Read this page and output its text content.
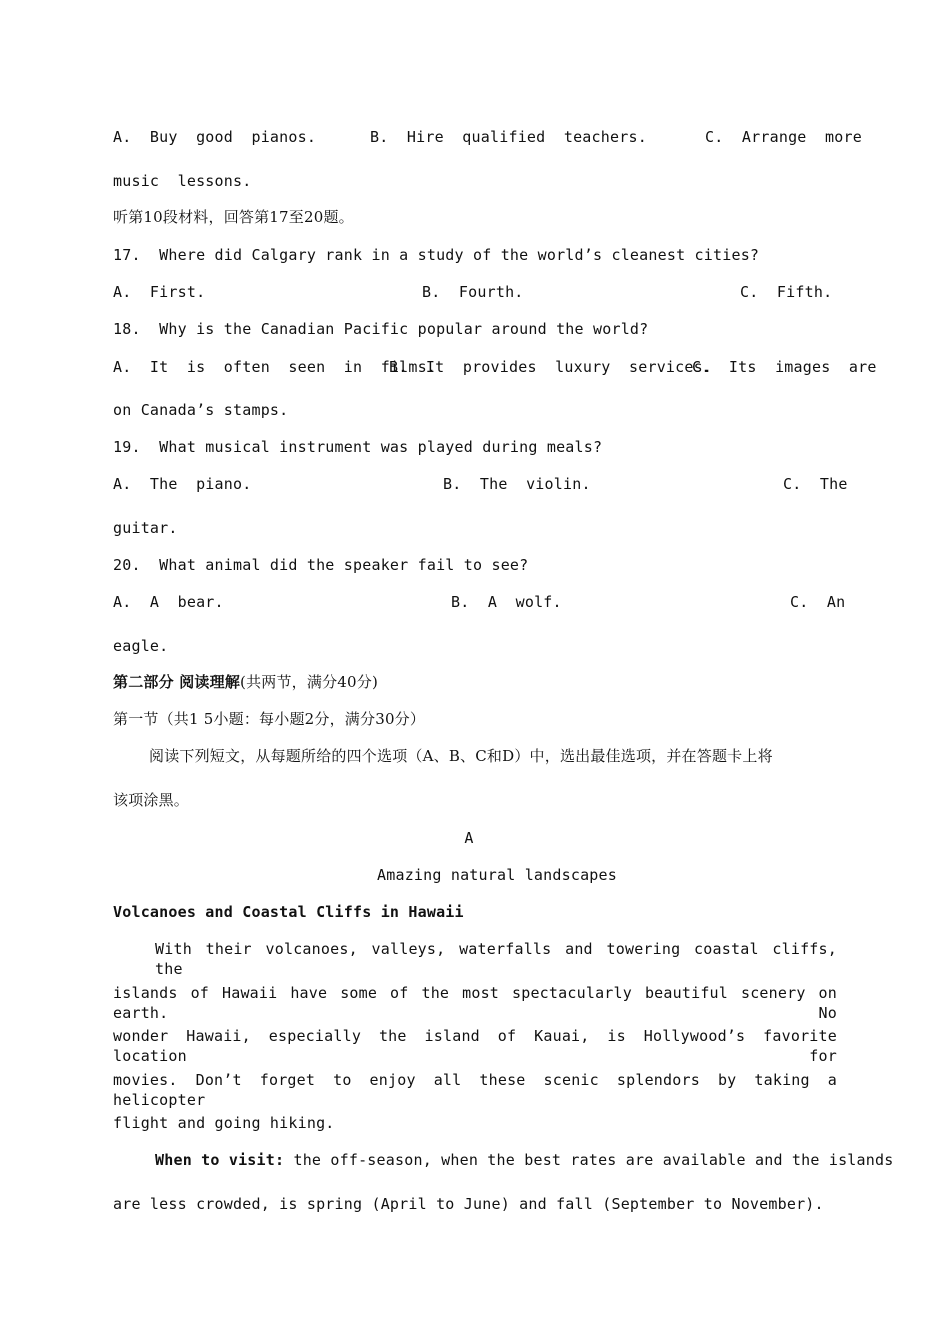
A.  Buy  good  pianos.	B.  Hire  qualified  teachers.	C.  Arrange  more
music  lessons.
听第10段材料，回答第17至20题。
17.  Where did Calgary rank in a study of the world’s cleanest cities?
A.  First.	B.  Fourth.	C.  Fifth.
18.  Why is the Canadian Pacific popular around the world?
A.  It  is  often  seen  in  films.
B.  It  provides  luxury  services.
C.  Its  images  are
on Canada’s stamps.
19.  What musical instrument was played during meals?
A.  The  piano.	B.  The  violin.	C.  The
guitar.
20.  What animal did the speaker fail to see?
A.  A  bear.	B.  A  wolf.	C.  An
eagle.
第二部分 阅读理解(共两节，满分40分)
第一节（共1 5小题：每小题2分，满分30分）
阅读下列短文，从每题所给的四个选项（A、B、C和D）中，选出最佳选项，并在答题卡上将
该项涂黑。
A
Amazing natural landscapes
Volcanoes and Coastal Cliffs in Hawaii
With their volcanoes, valleys, waterfalls and towering coastal cliffs, the
islands of Hawaii have some of the most spectacularly beautiful scenery on earth. No
wonder Hawaii, especially the island of Kauai, is Hollywood’s favorite location for
movies. Don’t forget to enjoy all these scenic splendors by taking a helicopter
flight and going hiking.
When to visit: the off-season, when the best rates are available and the islands
are less crowded, is spring (April to June) and fall (September to November).
